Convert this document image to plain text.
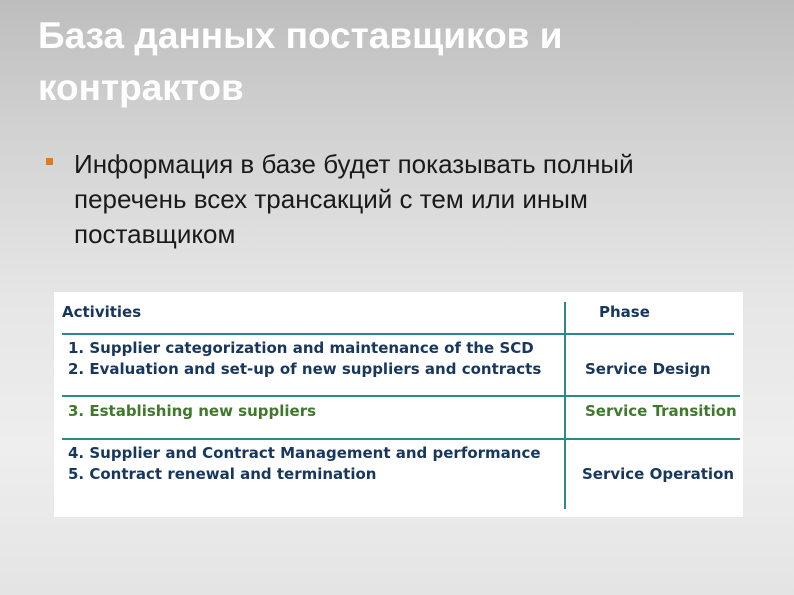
База данных поставщиков и контрактов
Информация в базе будет показывать полный перечень всех трансакций с тем или иным поставщиком
Activities	Phase
1. Supplier categorization and maintenance of the SCD
2. Evaluation and set-up of new suppliers and contracts	Service Design
3. Establishing new suppliers	Service Transition
4. Supplier and Contract Management and performance
5. Contract renewal and termination	Service Operation
